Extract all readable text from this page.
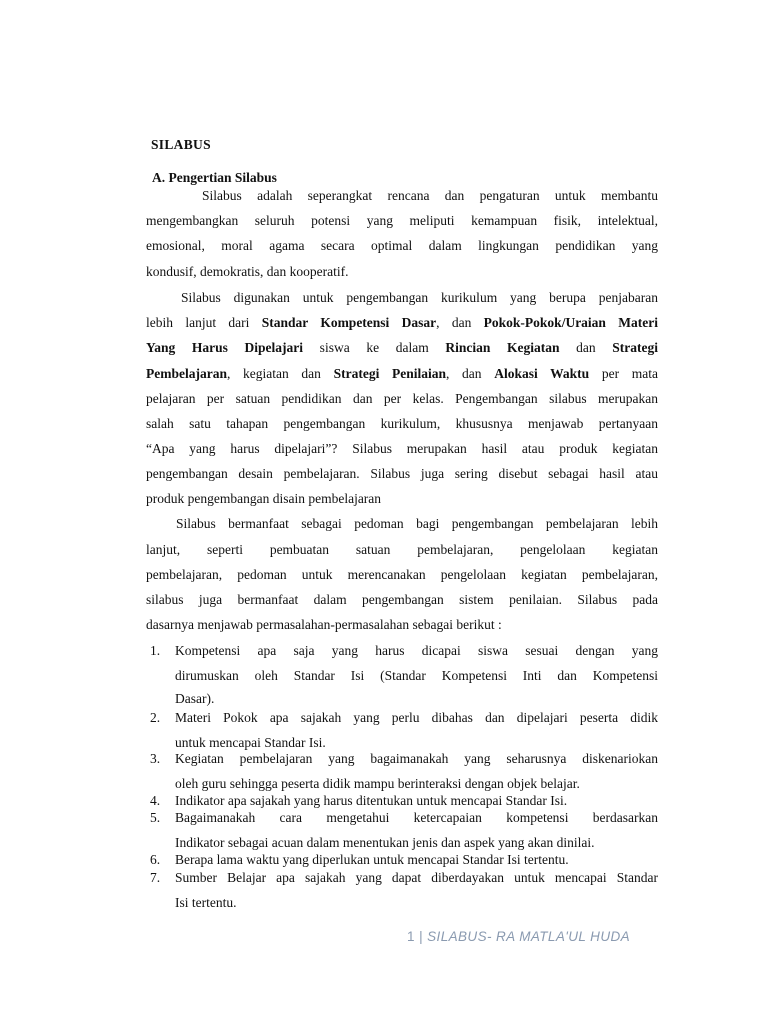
SILABUS
A. Pengertian Silabus
Silabus adalah seperangkat rencana dan pengaturan untuk membantu
mengembangkan seluruh potensi yang meliputi kemampuan fisik, intelektual,
emosional, moral agama secara optimal dalam lingkungan pendidikan yang
kondusif, demokratis, dan kooperatif.
Silabus digunakan untuk pengembangan kurikulum yang berupa penjabaran
lebih lanjut dari Standar Kompetensi Dasar, dan Pokok-Pokok/Uraian Materi
Yang Harus Dipelajari siswa ke dalam Rincian Kegiatan dan Strategi
Pembelajaran, kegiatan dan Strategi Penilaian, dan Alokasi Waktu per mata
pelajaran per satuan pendidikan dan per kelas. Pengembangan silabus merupakan
salah satu tahapan pengembangan kurikulum, khususnya menjawab pertanyaan
“Apa yang harus dipelajari”? Silabus merupakan hasil atau produk kegiatan
pengembangan desain pembelajaran. Silabus juga sering disebut sebagai hasil atau
produk pengembangan disain pembelajaran
Silabus bermanfaat sebagai pedoman bagi pengembangan pembelajaran lebih
lanjut, seperti pembuatan satuan pembelajaran, pengelolaan kegiatan
pembelajaran, pedoman untuk merencanakan pengelolaan kegiatan pembelajaran,
silabus juga bermanfaat dalam pengembangan sistem penilaian. Silabus pada
dasarnya menjawab permasalahan-permasalahan sebagai berikut :
1. Kompetensi apa saja yang harus dicapai siswa sesuai dengan yang
dirumuskan oleh Standar Isi (Standar Kompetensi Inti dan Kompetensi
Dasar).
2. Materi Pokok apa sajakah yang perlu dibahas dan dipelajari peserta didik
untuk mencapai Standar Isi.
3. Kegiatan pembelajaran yang bagaimanakah yang seharusnya diskenariokan
oleh guru sehingga peserta didik mampu berinteraksi dengan objek belajar.
4. Indikator apa sajakah yang harus ditentukan untuk mencapai Standar Isi.
5. Bagaimanakah cara mengetahui ketercapaian kompetensi berdasarkan
Indikator sebagai acuan dalam menentukan jenis dan aspek yang akan dinilai.
6. Berapa lama waktu yang diperlukan untuk mencapai Standar Isi tertentu.
7. Sumber Belajar apa sajakah yang dapat diberdayakan untuk mencapai Standar
Isi tertentu.
1 | SILABUS- RA MATLA'UL HUDA
